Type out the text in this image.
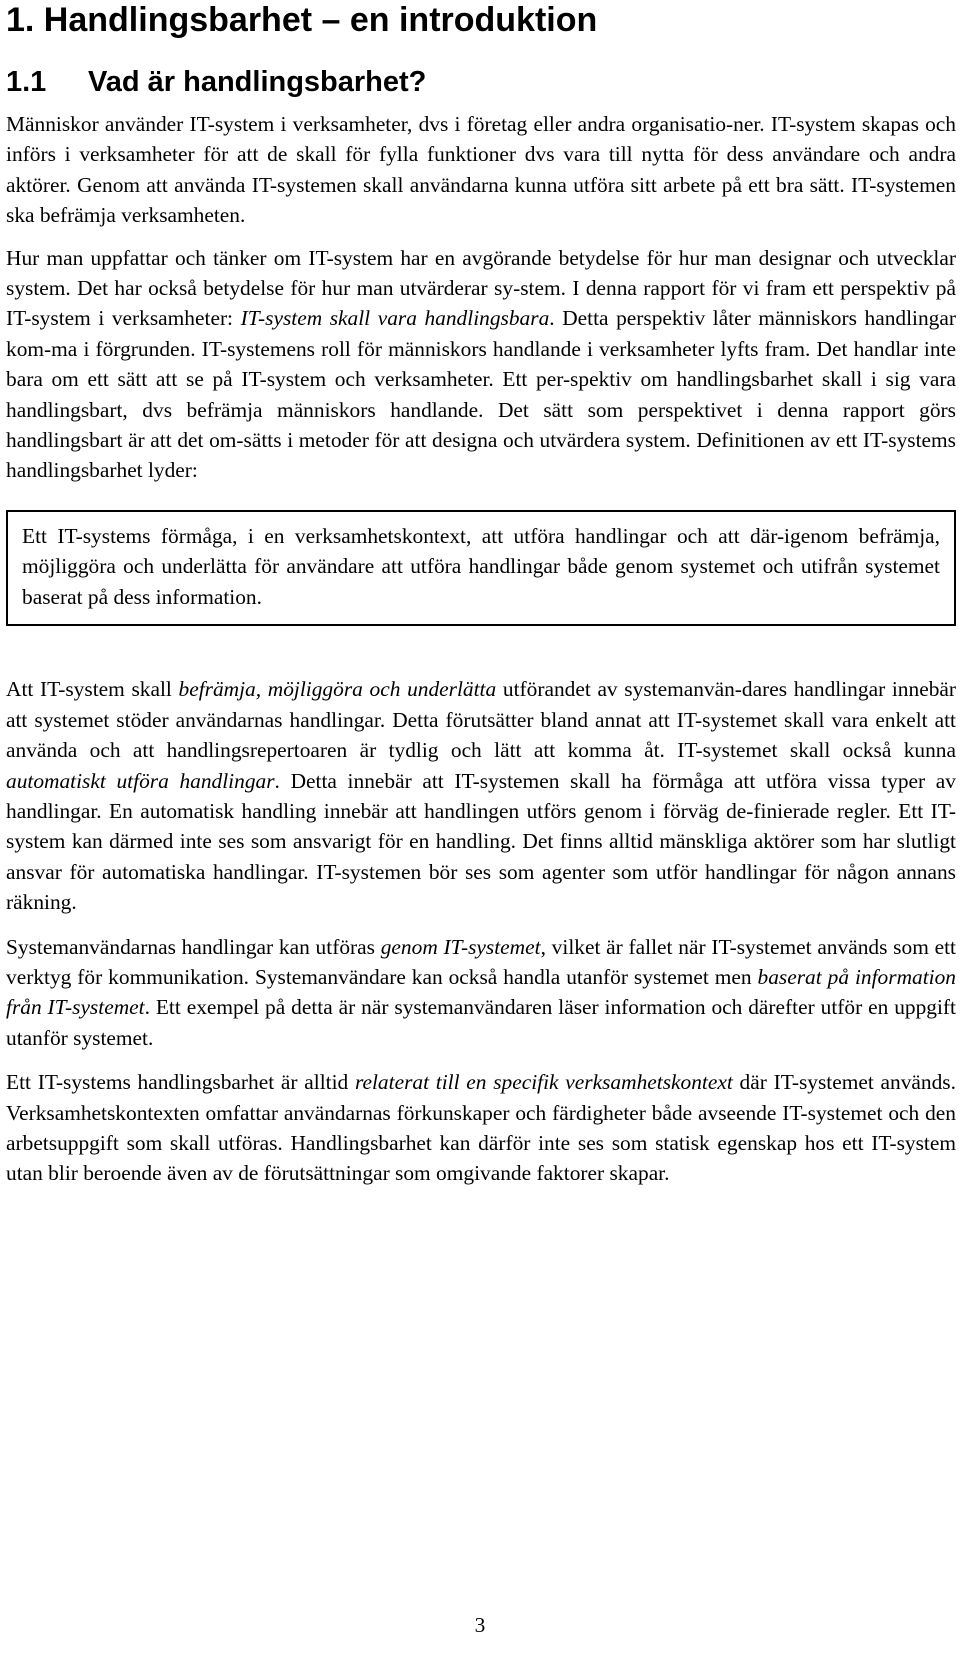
1. Handlingsbarhet – en introduktion
1.1 Vad är handlingsbarhet?

Människor använder IT-system i verksamheter, dvs i företag eller andra organisatio-ner. IT-system skapas och införs i verksamheter för att de skall för fylla funktioner dvs vara till nytta för dess användare och andra aktörer. Genom att använda IT-systemen skall användarna kunna utföra sitt arbete på ett bra sätt. IT-systemen ska befrämja verksamheten.

Hur man uppfattar och tänker om IT-system har en avgörande betydelse för hur man designar och utvecklar system. Det har också betydelse för hur man utvärderar sy-stem. I denna rapport för vi fram ett perspektiv på IT-system i verksamheter: IT-system skall vara handlingsbara. Detta perspektiv låter människors handlingar kom-ma i förgrunden. IT-systemens roll för människors handlande i verksamheter lyfts fram. Det handlar inte bara om ett sätt att se på IT-system och verksamheter. Ett per-spektiv om handlingsbarhet skall i sig vara handlingsbart, dvs befrämja människors handlande. Det sätt som perspektivet i denna rapport görs handlingsbart är att det om-sätts i metoder för att designa och utvärdera system. Definitionen av ett IT-systems handlingsbarhet lyder:

Ett IT-systems förmåga, i en verksamhetskontext, att utföra handlingar och att där-igenom befrämja, möjliggöra och underlätta för användare att utföra handlingar både genom systemet och utifrån systemet baserat på dess information.

Att IT-system skall befrämja, möjliggöra och underlätta utförandet av systemanvän-dares handlingar innebär att systemet stöder användarnas handlingar. Detta förutsätter bland annat att IT-systemet skall vara enkelt att använda och att handlingsrepertoaren är tydlig och lätt att komma åt. IT-systemet skall också kunna automatiskt utföra handlingar. Detta innebär att IT-systemen skall ha förmåga att utföra vissa typer av handlingar. En automatisk handling innebär att handlingen utförs genom i förväg de-finierade regler. Ett IT-system kan därmed inte ses som ansvarigt för en handling. Det finns alltid mänskliga aktörer som har slutligt ansvar för automatiska handlingar. IT-systemen bör ses som agenter som utför handlingar för någon annans räkning.

Systemanvändarnas handlingar kan utföras genom IT-systemet, vilket är fallet när IT-systemet används som ett verktyg för kommunikation. Systemanvändare kan också handla utanför systemet men baserat på information från IT-systemet. Ett exempel på detta är när systemanvändaren läser information och därefter utför en uppgift utanför systemet.

Ett IT-systems handlingsbarhet är alltid relaterat till en specifik verksamhetskontext där IT-systemet används. Verksamhetskontexten omfattar användarnas förkunskaper och färdigheter både avseende IT-systemet och den arbetsuppgift som skall utföras. Handlingsbarhet kan därför inte ses som statisk egenskap hos ett IT-system utan blir beroende även av de förutsättningar som omgivande faktorer skapar.

3
